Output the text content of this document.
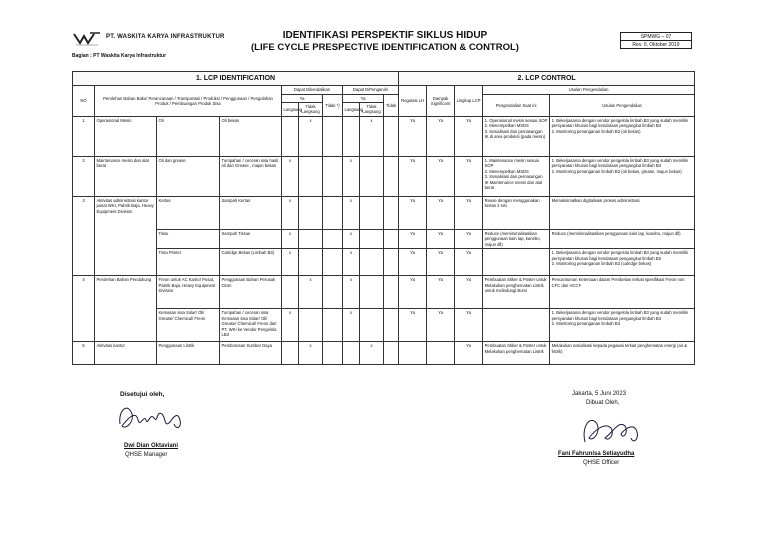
PT. WASKITA KARYA INFRASTRUKTUR	IDENTIFIKASI PERSPEKTIF SIKLUS HIDUP
(LIFE CYCLE PRESPECTIVE IDENTIFICATION & CONTROL)
SPMWG – 07
Rev. 0, Oktober 2019
Bagian : PT Waskita Karya Infrastruktur
1. LCP IDENTIFICATION										2. LCP CONTROL				
NO	Perolehan Bahan Baku/ Perancanaan / Transportasi / Produksi / Penggunaan / Pengolahan Produk / Pembuangan Produk Sisa			Dapat Dikendalikan			Dapat DiPengaruhi			Regulasi LH	Dampak Significant	Lingkup LCP	Usulan Pengendalian	
				Ya		Tidak *)	Ya		Tidak				Pengendalian Saat ini	Usulan Pengendalian
				Langsung	Tidak Langsung		Langsung	Tidak Langsung						
1	Operasional Mesin	Oli	Oli bekas		x			x		Ya	Ya	Ya	1. Operasional mesin sesuai SOP
2. Menempelkan MSDS
3. Sosialisasi dan pemasangan IK di area produksi (pada mesin)	1. Bekerjasama dengan vendor pengelola limbah B3 yang sudah memiliki persyaratan khusus bagi kendaraan pengangkut limbah B3
2. Monitoring penanganan limbah B3 (oli bekas)
2	Maintenance mesin dan alat berat	Oli dan grease	Tumpahan / ceceran sisa hasil oli dan Grease , majun bekas	x			x			Ya	Ya	Ya	1. Maintenance mesin sesuai SOP
2. Menempelkan MSDS
3. Sosialisasi dan pemasangan IK Maintenance mesin dan alat berat	1. Bekerjasama dengan vendor pengelola limbah B3 yang sudah memiliki persyaratan khusus bagi kendaraan pengangkut limbah B3
2. Monitoring penanganan limbah B3 (oli bekas, grease, majun bekas)
3	Aktivitas administrasi kantor pusat WKI, Pabrik Baja, Heavy Equipment Division	Kertas	Sampah Kertas	x			x			Ya	Ya	Ya	Reuse dengan menggunakan kertas 2 sisi	Memaksimalkan digitalisasi proses administrasi
		Tissu	Sampah Tissue	x			x			Ya	Ya	Ya	Reduce (meminimalisasikan penggunaan kain lap, kanebo, majun dll)	Reduce (meminimalisasikan penggunaan kain lap, kanebo, majun dll)
		Tinta Printer	Catridge Bekas (Limbah B3)	x			x			Ya	Ya	Ya		1. Bekerjasama dengan vendor pengelola limbah B3 yang sudah memiliki persyaratan khusus bagi kendaraan pengangkut limbah B3
2. Monitoring penanganan limbah B3 (catridge bekas)
4	Perolehan Bahan Pendukung	Freon untuk AC Kantor Pusat, Pabrik Baja, Heavy Equipment Division	Penggunaan Bahan Perusak Ozon		x		x			Ya	Ya	Ya	Pembuatan Stiker & Poster untuk Melakukan penghematan Listrik untuk melindungi Bumi	Pencantuman Ketentuan dalam Pembelian terkait spesifikasi Freon non CFC dan HCCF
		Kemasan sisa Solar/ Oli/ Grease/ Chemical/ Freon	Tumpahan / ceceran sisa Kemasan sisa Solar/ Oli/ Grease/ Chemical/ Freon dari PT. WKI ke Vendor Pengelola LB3	x			x			Ya	Ya	Ya		1. Bekerjasama dengan vendor pengelola limbah B3 yang sudah memiliki persyaratan khusus bagi kendaraan pengangkut limbah B3
2. Monitoring penanganan limbah B3
5	Aktivitas kantor	Penggunaan Listrik	Pemborosan Sumber Daya		x			x				Ya	Pembuatan Stiker & Poster untuk Melakukan penghematan Listrik	Melakukan sosialisasi kepada pegawai terkait penghematan energi (air & listrik)
Disetujui oleh,
Dwi Dian Oktaviani
QHSE Manager
Jakarta, 5 Juni 2023
Dibuat Oleh,
Fani Fahrunisa Setiayudha
QHSE Officer
